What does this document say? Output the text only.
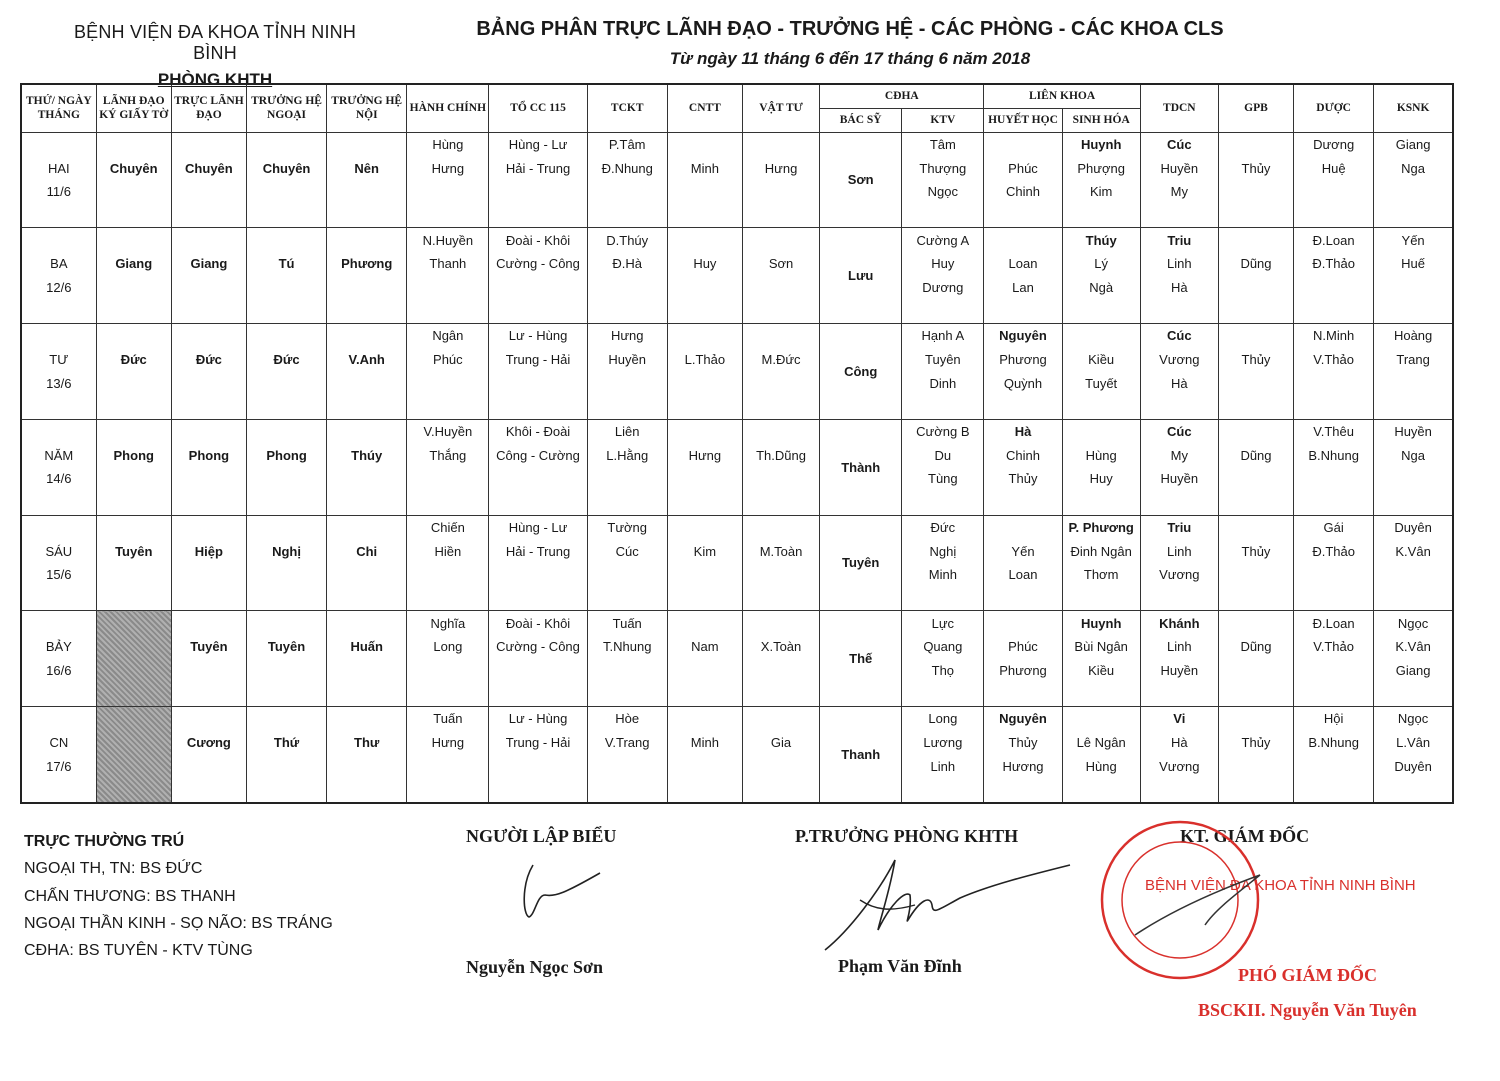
BỆNH VIỆN ĐA KHOA TỈNH NINH BÌNH
PHÒNG KHTH
BẢNG PHÂN TRỰC LÃNH ĐẠO - TRƯỞNG HỆ - CÁC PHÒNG - CÁC KHOA CLS
Từ ngày 11 tháng 6 đến 17 tháng 6 năm 2018
THỨ/ NGÀY THÁNG	LÃNH ĐẠO KÝ GIẤY TỜ	TRỰC LÃNH ĐẠO	TRƯỞNG HỆ NGOẠI	TRƯỞNG HỆ NỘI	HÀNH CHÍNH	TỔ CC 115	TCKT	CNTT	VẬT TƯ	CĐHA		LIÊN KHOA		TDCN	GPB	DƯỢC	KSNK
										BÁC SỸ	KTV	HUYẾT HỌC	SINH HÓA				
					Hùng	Hùng - Lư	P.Tâm			Sơn	Tâm		Huynh	Cúc		Dương	Giang
HAI	Chuyên	Chuyên	Chuyên	Nên	Hưng	Hải - Trung	Đ.Nhung	Minh	Hưng		Thượng	Phúc	Phượng	Huyền	Thủy	Huệ	Nga
11/6											Ngọc	Chinh	Kim	My			

					N.Huyền	Đoài - Khôi	D.Thúy			Lưu	Cường A		Thúy	Triu		Đ.Loan	Yến
BA	Giang	Giang	Tú	Phương	Thanh	Cường - Công	Đ.Hà	Huy	Sơn		Huy	Loan	Lý	Linh	Dũng	Đ.Thảo	Huế
12/6											Dương	Lan	Ngà	Hà			

					Ngân	Lư - Hùng	Hưng			Công	Hạnh A	Nguyên		Cúc		N.Minh	Hoàng
TƯ	Đức	Đức	Đức	V.Anh	Phúc	Trung - Hải	Huyền	L.Thảo	M.Đức		Tuyên	Phương	Kiều	Vương	Thủy	V.Thảo	Trang
13/6											Dinh	Quỳnh	Tuyết	Hà			

					V.Huyền	Khôi - Đoài	Liên			Thành	Cường B	Hà		Cúc		V.Thêu	Huyền
NĂM	Phong	Phong	Phong	Thúy	Thắng	Công - Cường	L.Hằng	Hưng	Th.Dũng		Du	Chinh	Hùng	My	Dũng	B.Nhung	Nga
14/6											Tùng	Thủy	Huy	Huyền			

					Chiến	Hùng - Lư	Tường			Tuyên	Đức		P. Phương	Triu		Gái	Duyên
SÁU	Tuyên	Hiệp	Nghị	Chi	Hiền	Hải - Trung	Cúc	Kim	M.Toàn		Nghị	Yến	Đinh Ngân	Linh	Thủy	Đ.Thảo	K.Vân
15/6											Minh	Loan	Thơm	Vương			

					Nghĩa	Đoài - Khôi	Tuấn			Thế	Lực		Huynh	Khánh		Đ.Loan	Ngọc
BẢY		Tuyên	Tuyên	Huấn	Long	Cường - Công	T.Nhung	Nam	X.Toàn		Quang	Phúc	Bùi Ngân	Linh	Dũng	V.Thảo	K.Vân
16/6											Thọ	Phương	Kiều	Huyền			Giang

					Tuấn	Lư - Hùng	Hòe			Thanh	Long	Nguyên		Vi		Hội	Ngọc
CN		Cương	Thứ	Thư	Hưng	Trung - Hải	V.Trang	Minh	Gia		Lương	Thủy	Lê Ngân	Hà	Thủy	B.Nhung	L.Vân
17/6											Linh	Hương	Hùng	Vương			Duyên

TRỰC THƯỜNG TRÚ
NGOẠI TH, TN: BS ĐỨC
CHẤN THƯƠNG: BS THANH
NGOẠI THẦN KINH - SỌ NÃO: BS TRÁNG
CĐHA: BS TUYÊN - KTV TÙNG
NGƯỜI LẬP BIỂU
Nguyễn Ngọc Sơn
P.TRƯỞNG PHÒNG KHTH
Phạm Văn Đĩnh
KT. GIÁM ĐỐC
BỆNH VIỆN ĐA KHOA TỈNH NINH BÌNH
PHÓ GIÁM ĐỐC
BSCKII. Nguyễn Văn Tuyên
